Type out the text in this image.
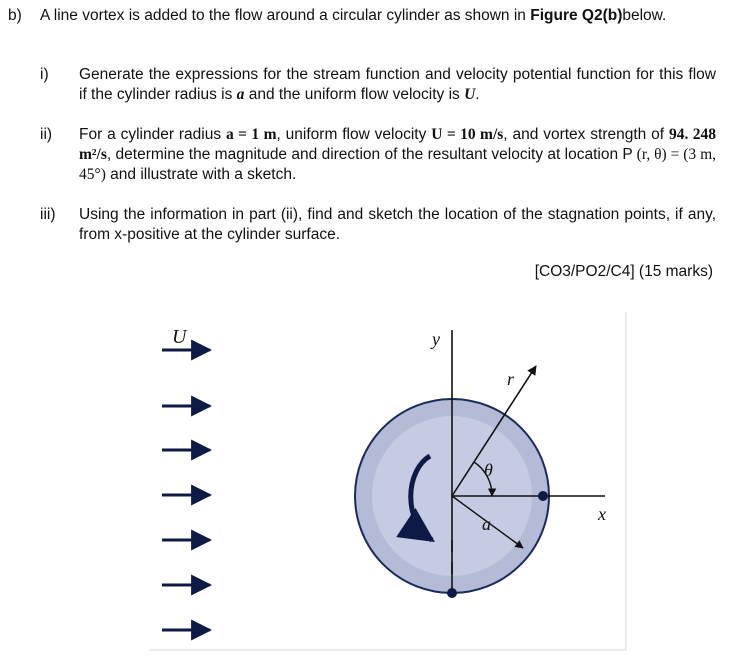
b) A line vortex is added to the flow around a circular cylinder as shown in Figure Q2(b)below.
i) Generate the expressions for the stream function and velocity potential function for this flow if the cylinder radius is a and the uniform flow velocity is U.
ii) For a cylinder radius a = 1 m, uniform flow velocity U = 10 m/s, and vortex strength of 94. 248 m²/s, determine the magnitude and direction of the resultant velocity at location P (r, θ) = (3 m, 45°) and illustrate with a sketch.
iii) Using the information in part (ii), find and sketch the location of the stagnation points, if any, from x-positive at the cylinder surface.
[CO3/PO2/C4] (15 marks)
U	y
x
r
θ
a
